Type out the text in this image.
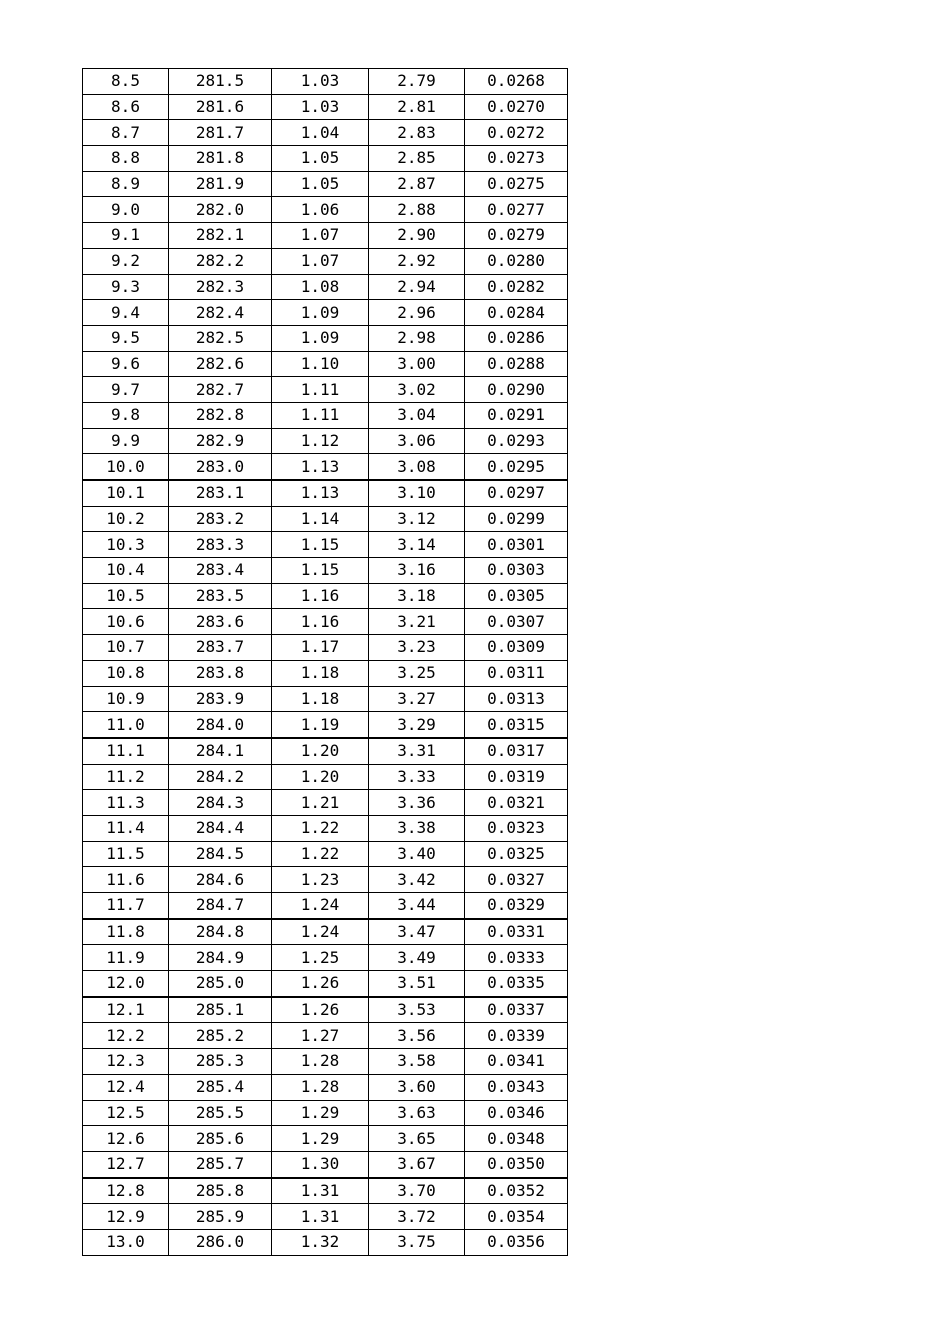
8.5	281.5	1.03	2.79	0.0268
8.6	281.6	1.03	2.81	0.0270
8.7	281.7	1.04	2.83	0.0272
8.8	281.8	1.05	2.85	0.0273
8.9	281.9	1.05	2.87	0.0275
9.0	282.0	1.06	2.88	0.0277
9.1	282.1	1.07	2.90	0.0279
9.2	282.2	1.07	2.92	0.0280
9.3	282.3	1.08	2.94	0.0282
9.4	282.4	1.09	2.96	0.0284
9.5	282.5	1.09	2.98	0.0286
9.6	282.6	1.10	3.00	0.0288
9.7	282.7	1.11	3.02	0.0290
9.8	282.8	1.11	3.04	0.0291
9.9	282.9	1.12	3.06	0.0293
10.0	283.0	1.13	3.08	0.0295
10.1	283.1	1.13	3.10	0.0297
10.2	283.2	1.14	3.12	0.0299
10.3	283.3	1.15	3.14	0.0301
10.4	283.4	1.15	3.16	0.0303
10.5	283.5	1.16	3.18	0.0305
10.6	283.6	1.16	3.21	0.0307
10.7	283.7	1.17	3.23	0.0309
10.8	283.8	1.18	3.25	0.0311
10.9	283.9	1.18	3.27	0.0313
11.0	284.0	1.19	3.29	0.0315
11.1	284.1	1.20	3.31	0.0317
11.2	284.2	1.20	3.33	0.0319
11.3	284.3	1.21	3.36	0.0321
11.4	284.4	1.22	3.38	0.0323
11.5	284.5	1.22	3.40	0.0325
11.6	284.6	1.23	3.42	0.0327
11.7	284.7	1.24	3.44	0.0329
11.8	284.8	1.24	3.47	0.0331
11.9	284.9	1.25	3.49	0.0333
12.0	285.0	1.26	3.51	0.0335
12.1	285.1	1.26	3.53	0.0337
12.2	285.2	1.27	3.56	0.0339
12.3	285.3	1.28	3.58	0.0341
12.4	285.4	1.28	3.60	0.0343
12.5	285.5	1.29	3.63	0.0346
12.6	285.6	1.29	3.65	0.0348
12.7	285.7	1.30	3.67	0.0350
12.8	285.8	1.31	3.70	0.0352
12.9	285.9	1.31	3.72	0.0354
13.0	286.0	1.32	3.75	0.0356
